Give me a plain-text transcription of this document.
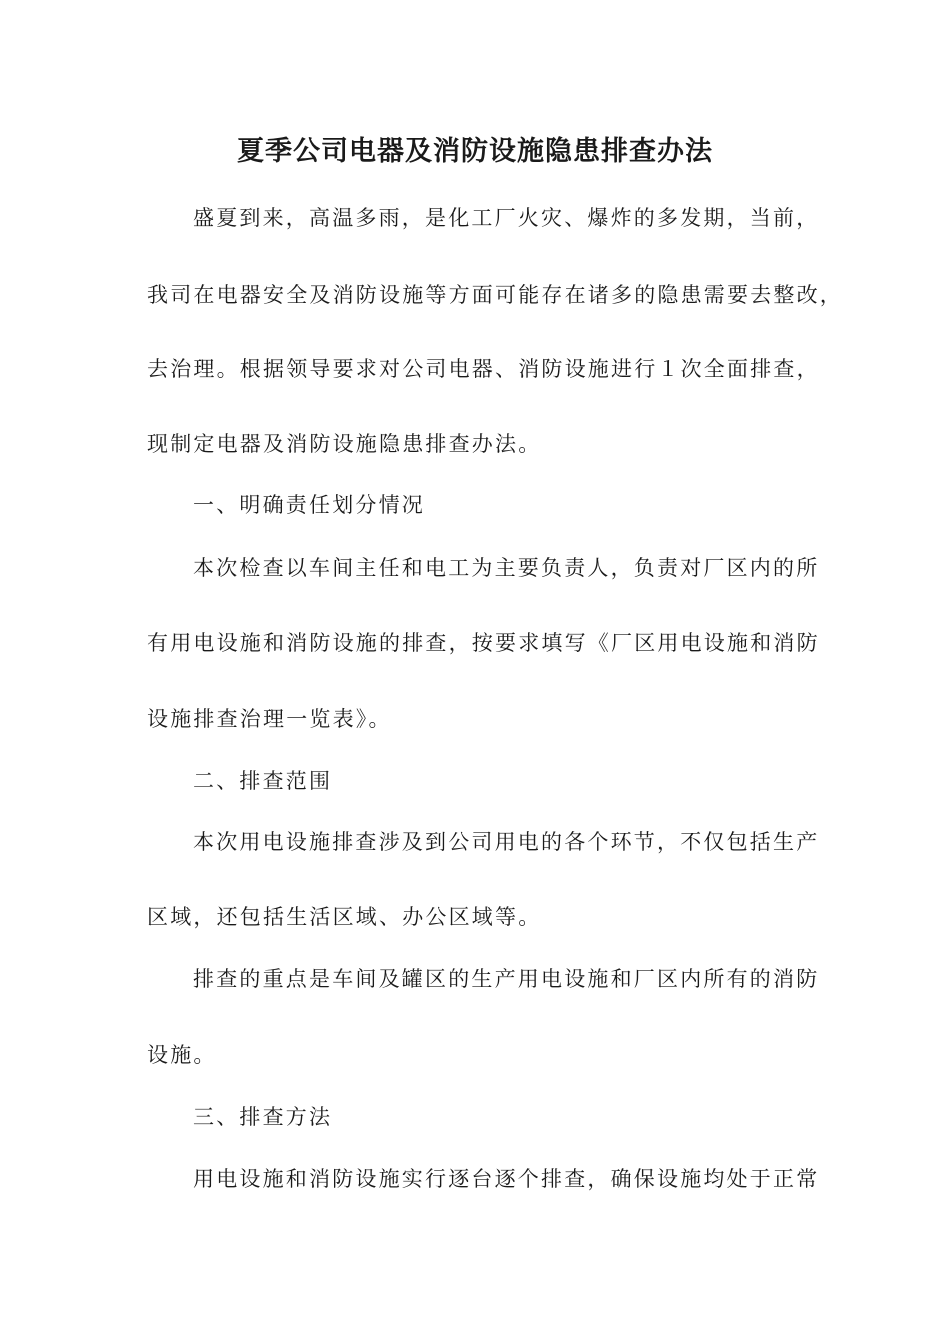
夏季公司电器及消防设施隐患排查办法
盛夏到来，高温多雨，是化工厂火灾、爆炸的多发期，当前，
我司在电器安全及消防设施等方面可能存在诸多的隐患需要去整改，
去治理。根据领导要求对公司电器、消防设施进行１次全面排查，
现制定电器及消防设施隐患排查办法。
一、明确责任划分情况
本次检查以车间主任和电工为主要负责人，负责对厂区内的所
有用电设施和消防设施的排查，按要求填写《厂区用电设施和消防
设施排查治理一览表》。
二、排查范围
本次用电设施排查涉及到公司用电的各个环节，不仅包括生产
区域，还包括生活区域、办公区域等。
排查的重点是车间及罐区的生产用电设施和厂区内所有的消防
设施。
三、排查方法
用电设施和消防设施实行逐台逐个排查，确保设施均处于正常
